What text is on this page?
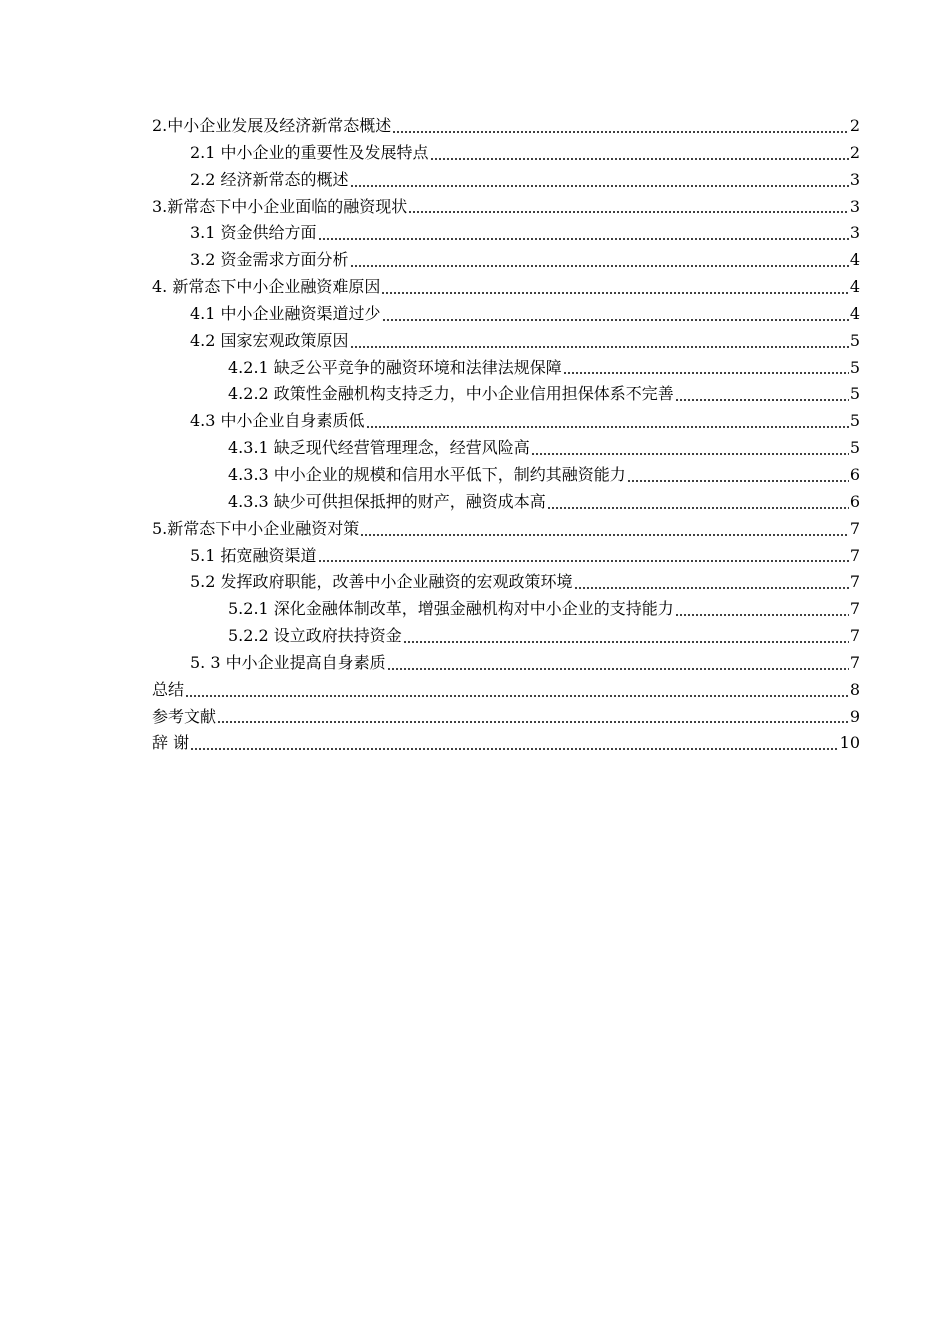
2.中小企业发展及经济新常态概述	2
2.1 中小企业的重要性及发展特点	2
2.2 经济新常态的概述	3
3.新常态下中小企业面临的融资现状	3
3.1 资金供给方面	3
3.2 资金需求方面分析	4
4. 新常态下中小企业融资难原因	4
4.1 中小企业融资渠道过少	4
4.2 国家宏观政策原因	5
4.2.1 缺乏公平竞争的融资环境和法律法规保障	5
4.2.2 政策性金融机构支持乏力，中小企业信用担保体系不完善	5
4.3 中小企业自身素质低	5
4.3.1 缺乏现代经营管理理念，经营风险高	5
4.3.3 中小企业的规模和信用水平低下，制约其融资能力	6
4.3.3 缺少可供担保抵押的财产，融资成本高	6
5.新常态下中小企业融资对策	7
5.1 拓宽融资渠道	7
5.2 发挥政府职能，改善中小企业融资的宏观政策环境	7
5.2.1 深化金融体制改革，增强金融机构对中小企业的支持能力	7
5.2.2 设立政府扶持资金	7
5. 3 中小企业提高自身素质	7
总结	8
参考文献	9
辞 谢	10
